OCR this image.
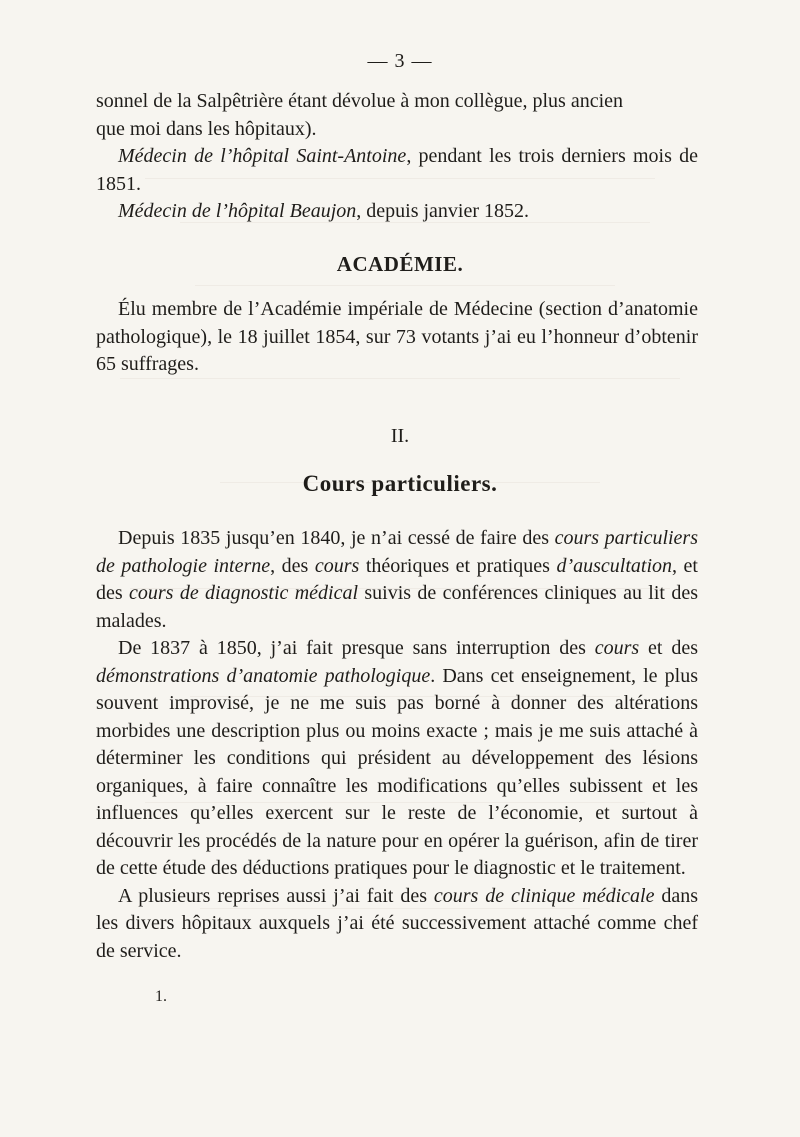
— 3 —

sonnel de la Salpêtrière étant dévolue à mon collègue, plus ancien

que moi dans les hôpitaux).

Médecin de l’hôpital Saint-Antoine, pendant les trois derniers mois de 1851.

Médecin de l’hôpital Beaujon, depuis janvier 1852.

ACADÉMIE.

Élu membre de l’Académie impériale de Médecine (section d’anatomie pathologique), le 18 juillet 1854, sur 73 votants j’ai eu l’honneur d’obtenir 65 suffrages.

II.
Cours particuliers.

Depuis 1835 jusqu’en 1840, je n’ai cessé de faire des cours particuliers de pathologie interne, des cours théoriques et pratiques d’auscultation, et des cours de diagnostic médical suivis de conférences cliniques au lit des malades.

De 1837 à 1850, j’ai fait presque sans interruption des cours et des démonstrations d’anatomie pathologique. Dans cet enseignement, le plus souvent improvisé, je ne me suis pas borné à donner des altérations morbides une description plus ou moins exacte ; mais je me suis attaché à déterminer les conditions qui président au développement des lésions organiques, à faire connaître les modifications qu’elles subissent et les influences qu’elles exercent sur le reste de l’économie, et surtout à découvrir les procédés de la nature pour en opérer la guérison, afin de tirer de cette étude des déductions pratiques pour le diagnostic et le traitement.

A plusieurs reprises aussi j’ai fait des cours de clinique médicale dans les divers hôpitaux auxquels j’ai été successivement attaché comme chef de service.

1.
